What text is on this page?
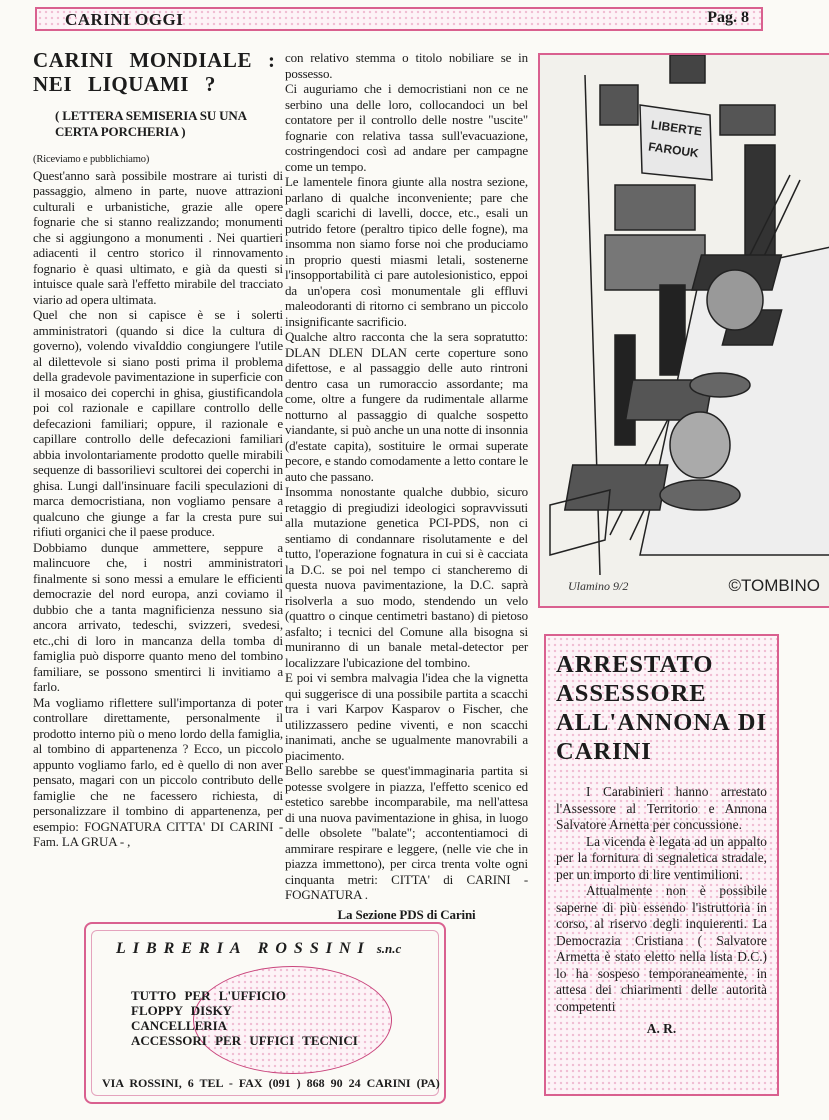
CARINI OGGI	Pag. 8

CARINI MONDIALE : NEI LIQUAMI ?

( LETTERA SEMISERIA SU UNA CERTA PORCHERIA )

(Riceviamo e pubblichiamo)

Quest'anno sarà possibile mostrare ai turisti di passaggio, almeno in parte, nuove attrazioni culturali e urbanistiche, grazie alle opere fognarie che si stanno realizzando; monumenti che si aggiungono a monumenti . Nei quartieri adiacenti il centro storico il rinnovamento fognario è quasi ultimato, e già da questi si intuisce quale sarà l'effetto mirabile del tracciato viario ad opera ultimata.

Quel che non si capisce è se i solerti amministratori (quando si dice la cultura di governo), volendo vivaIddio congiungere l'utile al dilettevole si siano posti prima il problema della gradevole pavimentazione in superficie con il mosaico dei coperchi in ghisa, giustificandola poi col razionale e capillare controllo delle defecazioni familiari; oppure, il razionale e capillare controllo delle defecazioni familiari abbia involontariamente prodotto quelle mirabili sequenze di bassorilievi scultorei dei coperchi in ghisa. Lungi dall'insinuare facili speculazioni di marca democristiana, non vogliamo pensare a qualcuno che giunge a far la cresta pure sui rifiuti organici che il paese produce.

Dobbiamo dunque ammettere, seppure a malincuore che, i nostri amministratori finalmente si sono messi a emulare le efficienti democrazie del nord europa, anzi coviamo il dubbio che a tanta magnificienza nessuno sia ancora arrivato, tedeschi, svizzeri, svedesi, etc.,chi di loro in mancanza della tomba di famiglia può disporre quanto meno del tombino familiare, se possono smentirci li invitiamo a farlo.

Ma vogliamo riflettere sull'importanza di poter controllare direttamente, personalmente il prodotto interno più o meno lordo della famiglia, al tombino di appartenenza ? Ecco, un piccolo appunto vogliamo farlo, ed è quello di non aver pensato, magari con un piccolo contributo delle famiglie che ne facessero richiesta, di personalizzare il tombino di appartenenza, per esempio: FOGNATURA CITTA' DI CARINI - Fam. LA GRUA - ,

con relativo stemma o titolo nobiliare se in possesso.

Ci auguriamo che i democristiani non ce ne serbino una delle loro, collocandoci un bel contatore per il controllo delle nostre "uscite" fognarie con relativa tassa sull'evacuazione, costringendoci così ad andare per campagne come un tempo.

Le lamentele finora giunte alla nostra sezione, parlano di qualche inconveniente; pare che dagli scarichi di lavelli, docce, etc., esali un putrido fetore (peraltro tipico delle fogne), ma insomma non siamo forse noi che produciamo in proprio questi miasmi letali, sostenerne l'insopportabilità ci pare autolesionistico, eppoi da un'opera così monumentale gli effluvi maleodoranti di ritorno ci sembrano un piccolo insignificante sacrificio.

Qualche altro racconta che la sera sopratutto: DLAN DLEN DLAN certe coperture sono difettose, e al passaggio delle auto rintroni dentro casa un rumoraccio assordante; ma come, oltre a fungere da rudimentale allarme notturno al passaggio di qualche sospetto viandante, si può anche un una notte di insonnia (d'estate capita), sostituire le ormai superate pecore, e stando comodamente a letto contare le auto che passano.

Insomma nonostante qualche dubbio, sicuro retaggio di pregiudizi ideologici sopravvissuti alla mutazione genetica PCI-PDS, non ci sentiamo di condannare risolutamente e del tutto, l'operazione fognatura in cui si è cacciata la D.C. se poi nel tempo ci stancheremo di questa nuova pavimentazione, la D.C. saprà risolverla a suo modo, stendendo un velo (quattro o cinque centimetri bastano) di pietoso asfalto; i tecnici del Comune alla bisogna si muniranno di un banale metal-detector per localizzare l'ubicazione del tombino.

E poi vi sembra malvagia l'idea che la vignetta qui suggerisce di una possibile partita a scacchi tra i vari Karpov Kasparov o Fischer, che utilizzassero pedine viventi, e non scacchi inanimati, anche se ugualmente manovrabili a piacimento.

Bello sarebbe se quest'immaginaria partita si potesse svolgere in piazza, l'effetto scenico ed estetico sarebbe incomparabile, ma nell'attesa di una nuova pavimentazione in ghisa, in luogo delle obsolete "balate"; accontentiamoci di ammirare respirare e leggere, (nelle vie che in piazza immettono), per circa trenta volte ogni cinquanta metri: CITTA' di CARINI - FOGNATURA .

La Sezione PDS di Carini

LIBERTE FAROUK
Ulamino 9/2	©TOMBINO

ARRESTATO ASSESSORE ALL'ANNONA DI CARINI

I Carabinieri hanno arrestato l'Assessore al Territorio e Annona Salvatore Arnetta per concussione.

La vicenda è legata ad un appalto per la fornitura di segnaletica stradale, per un importo di lire ventimilioni.

Attualmente non è possibile saperne di più essendo l'istruttoria in corso, al riservo degli inquierenti. La Democrazia Cristiana ( Salvatore Armetta è stato eletto nella lista D.C.) lo ha sospeso temporaneamente, in attesa dei chiarimenti delle autorità competenti

A. R.

LIBRERIA ROSSINI s.n.c
TUTTO PER L'UFFICIO
FLOPPY DISKY
CANCELLERIA
ACCESSORI PER UFFICI TECNICI
VIA ROSSINI, 6 TEL - FAX (091 ) 868 90 24 CARINI (PA)
